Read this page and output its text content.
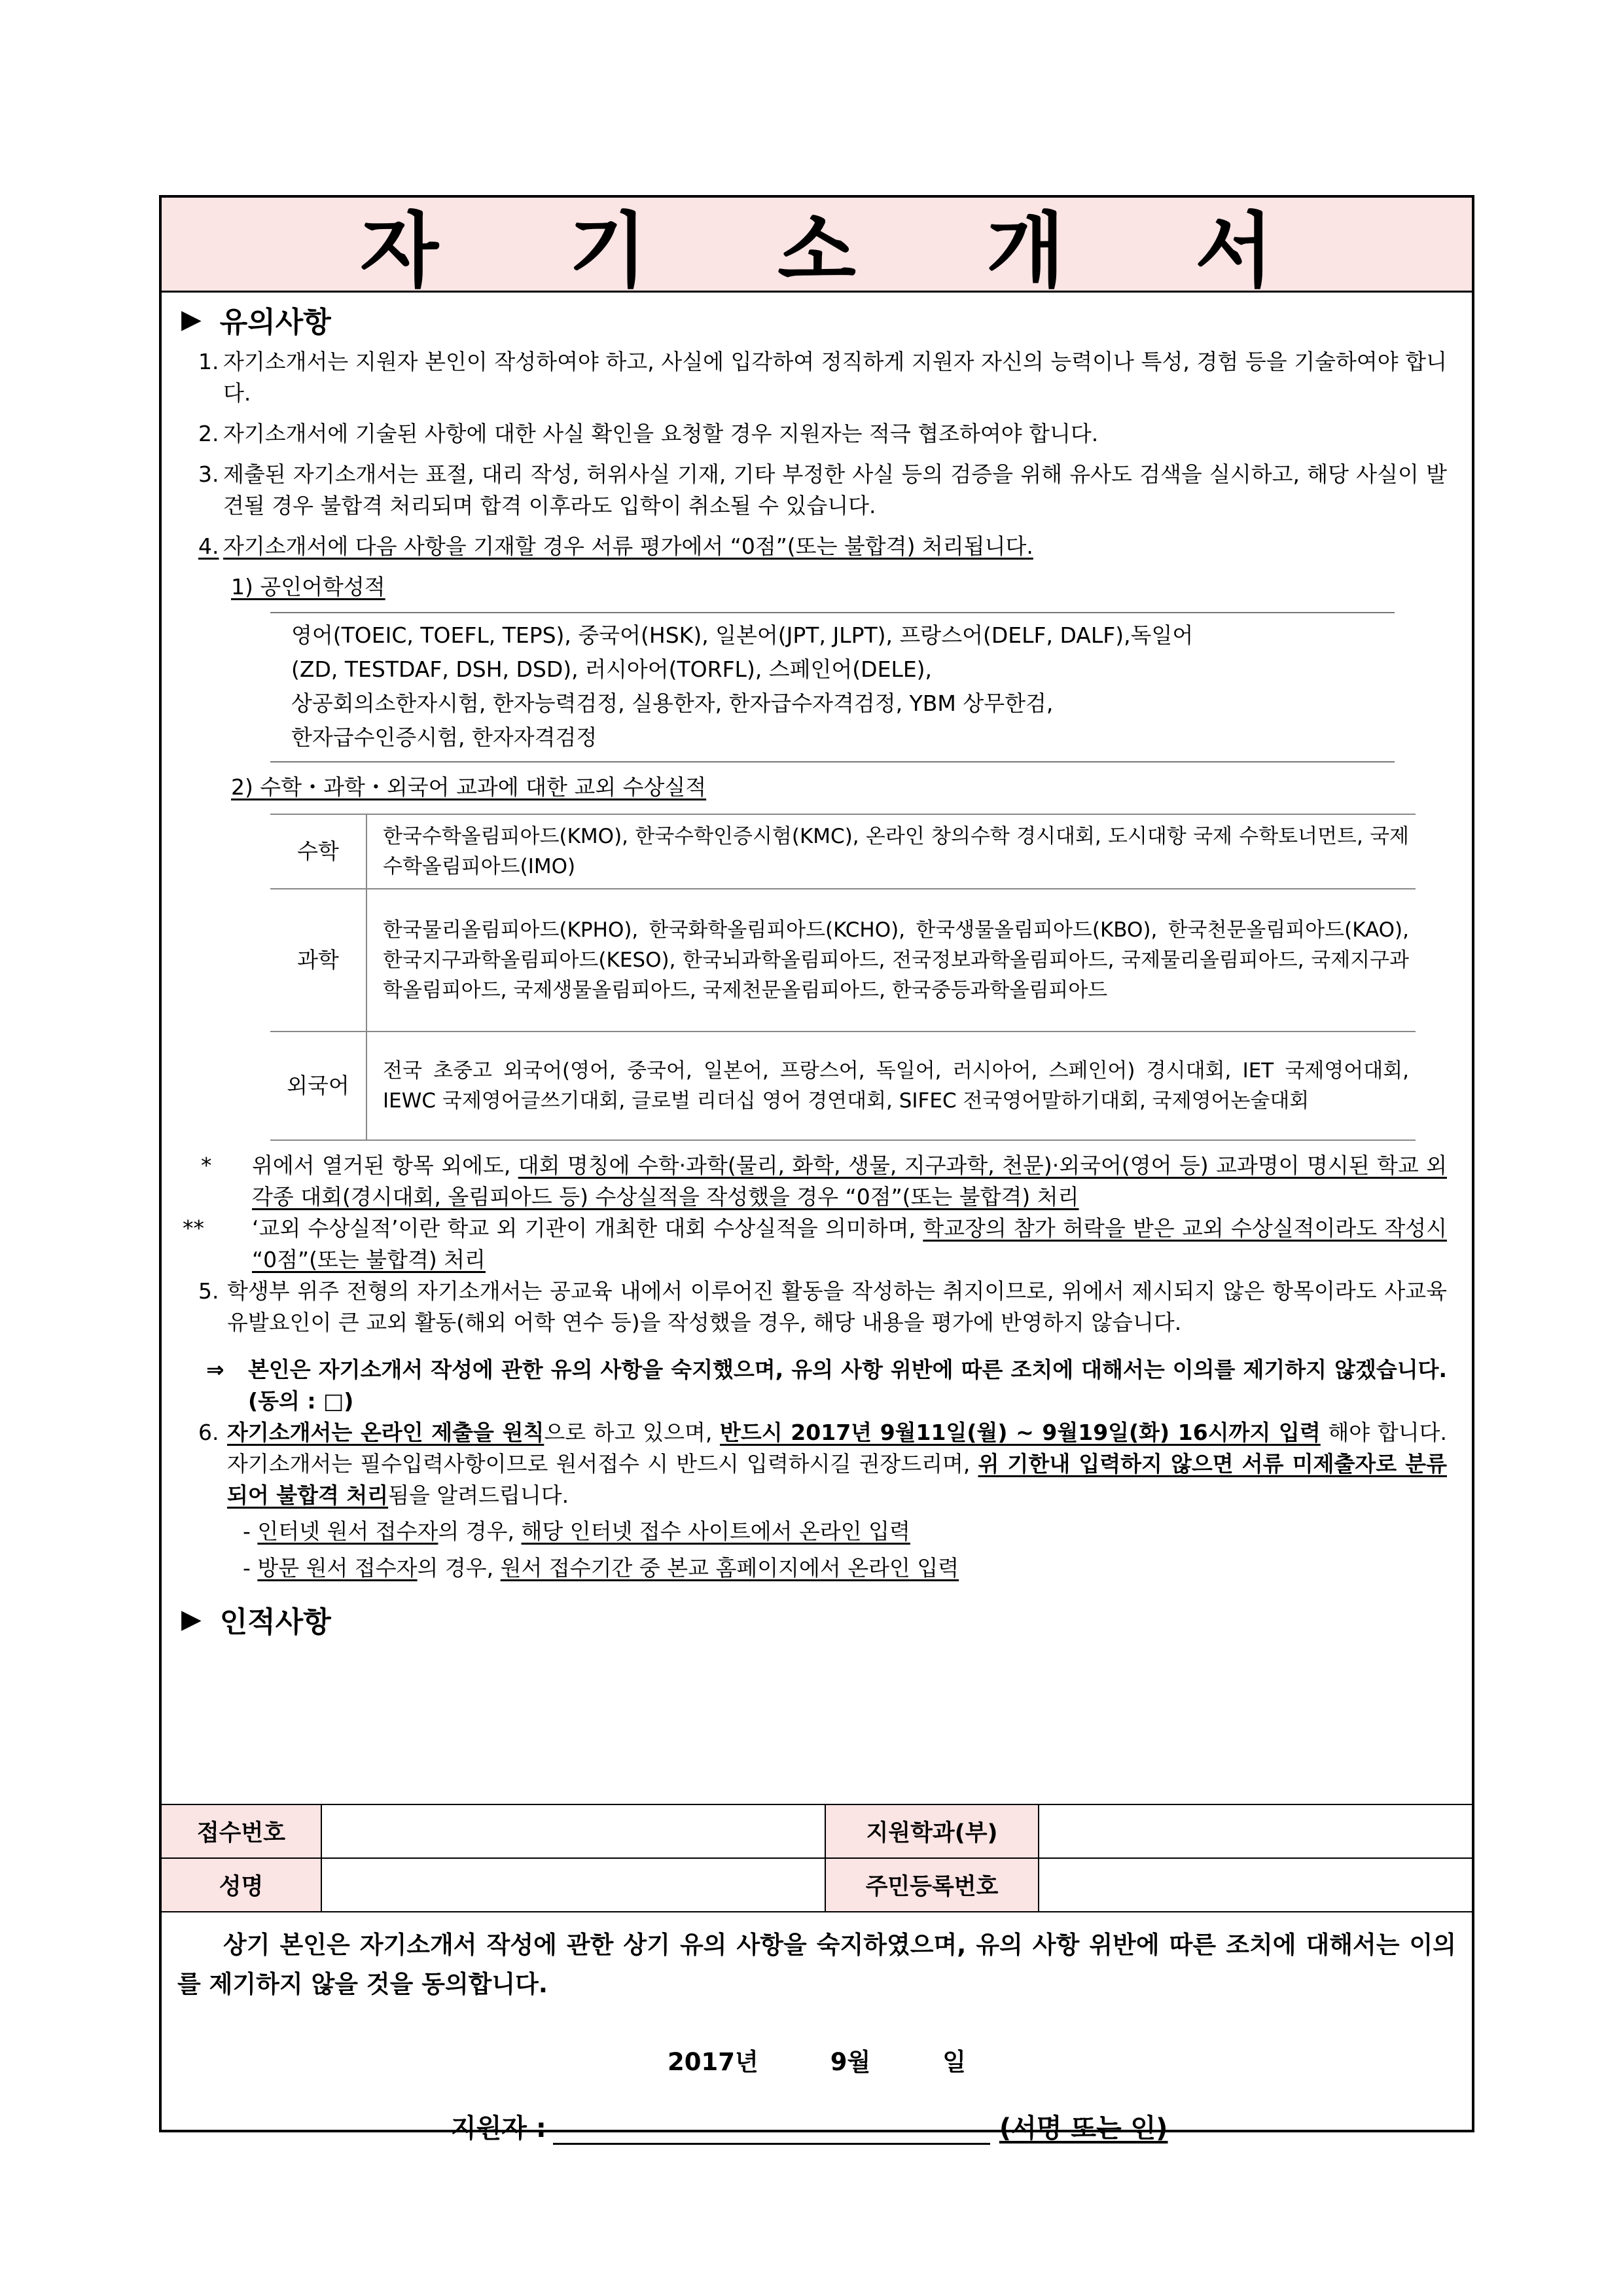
자 기 소 개 서
▶ 유의사항
1. 자기소개서는 지원자 본인이 작성하여야 하고, 사실에 입각하여 정직하게 지원자 자신의 능력이나 특성, 경험 등을 기술하여야 합니다.

2. 자기소개서에 기술된 사항에 대한 사실 확인을 요청할 경우 지원자는 적극 협조하여야 합니다.

3. 제출된 자기소개서는 표절, 대리 작성, 허위사실 기재, 기타 부정한 사실 등의 검증을 위해 유사도 검색을 실시하고, 해당 사실이 발견될 경우 불합격 처리되며 합격 이후라도 입학이 취소될 수 있습니다.

4. 자기소개서에 다음 사항을 기재할 경우 서류 평가에서 “0점”(또는 불합격) 처리됩니다.

1) 공인어학성적
영어(TOEIC, TOEFL, TEPS), 중국어(HSK), 일본어(JPT, JLPT), 프랑스어(DELF, DALF),독일어
(ZD, TESTDAF, DSH, DSD), 러시아어(TORFL), 스페인어(DELE),
상공회의소한자시험, 한자능력검정, 실용한자, 한자급수자격검정, YBM 상무한검,
한자급수인증시험, 한자자격검정
2) 수학・과학・외국어 교과에 대한 교외 수상실적
수학	한국수학올림피아드(KMO), 한국수학인증시험(KMC), 온라인 창의수학 경시대회, 도시대항 국제 수학토너먼트, 국제수학올림피아드(IMO)
과학	한국물리올림피아드(KPHO), 한국화학올림피아드(KCHO), 한국생물올림피아드(KBO), 한국천문올림피아드(KAO), 한국지구과학올림피아드(KESO), 한국뇌과학올림피아드, 전국정보과학올림피아드, 국제물리올림피아드, 국제지구과학올림피아드, 국제생물올림피아드, 국제천문올림피아드, 한국중등과학올림피아드
외국어	전국 초중고 외국어(영어, 중국어, 일본어, 프랑스어, 독일어, 러시아어, 스페인어) 경시대회, IET 국제영어대회, IEWC 국제영어글쓰기대회, 글로벌 리더십 영어 경연대회, SIFEC 전국영어말하기대회, 국제영어논술대회
* 위에서 열거된 항목 외에도, 대회 명칭에 수학·과학(물리, 화학, 생물, 지구과학, 천문)·외국어(영어 등) 교과명이 명시된 학교 외 각종 대회(경시대회, 올림피아드 등) 수상실적을 작성했을 경우 “0점”(또는 불합격) 처리
** ‘교외 수상실적’이란 학교 외 기관이 개최한 대회 수상실적을 의미하며, 학교장의 참가 허락을 받은 교외 수상실적이라도 작성시 “0점”(또는 불합격) 처리
5. 학생부 위주 전형의 자기소개서는 공교육 내에서 이루어진 활동을 작성하는 취지이므로, 위에서 제시되지 않은 항목이라도 사교육 유발요인이 큰 교외 활동(해외 어학 연수 등)을 작성했을 경우, 해당 내용을 평가에 반영하지 않습니다.

⇒ 본인은 자기소개서 작성에 관한 유의 사항을 숙지했으며, 유의 사항 위반에 따른 조치에 대해서는 이의를 제기하지 않겠습니다. (동의 : □)
6. 자기소개서는 온라인 제출을 원칙으로 하고 있으며, 반드시 2017년 9월11일(월) ~ 9월19일(화) 16시까지 입력 해야 합니다. 자기소개서는 필수입력사항이므로 원서접수 시 반드시 입력하시길 권장드리며, 위 기한내 입력하지 않으면 서류 미제출자로 분류되어 불합격 처리됨을 알려드립니다.

- 인터넷 원서 접수자의 경우, 해당 인터넷 접수 사이트에서 온라인 입력
- 방문 원서 접수자의 경우, 원서 접수기간 중 본교 홈페이지에서 온라인 입력
▶ 인적사항
접수번호		지원학과(부)	
성명		주민등록번호	
상기 본인은 자기소개서 작성에 관한 상기 유의 사항을 숙지하였으며, 유의 사항 위반에 따른 조치에 대해서는 이의를 제기하지 않을 것을 동의합니다.
2017년	9월	일
지원자 :	(서명 또는 인)
